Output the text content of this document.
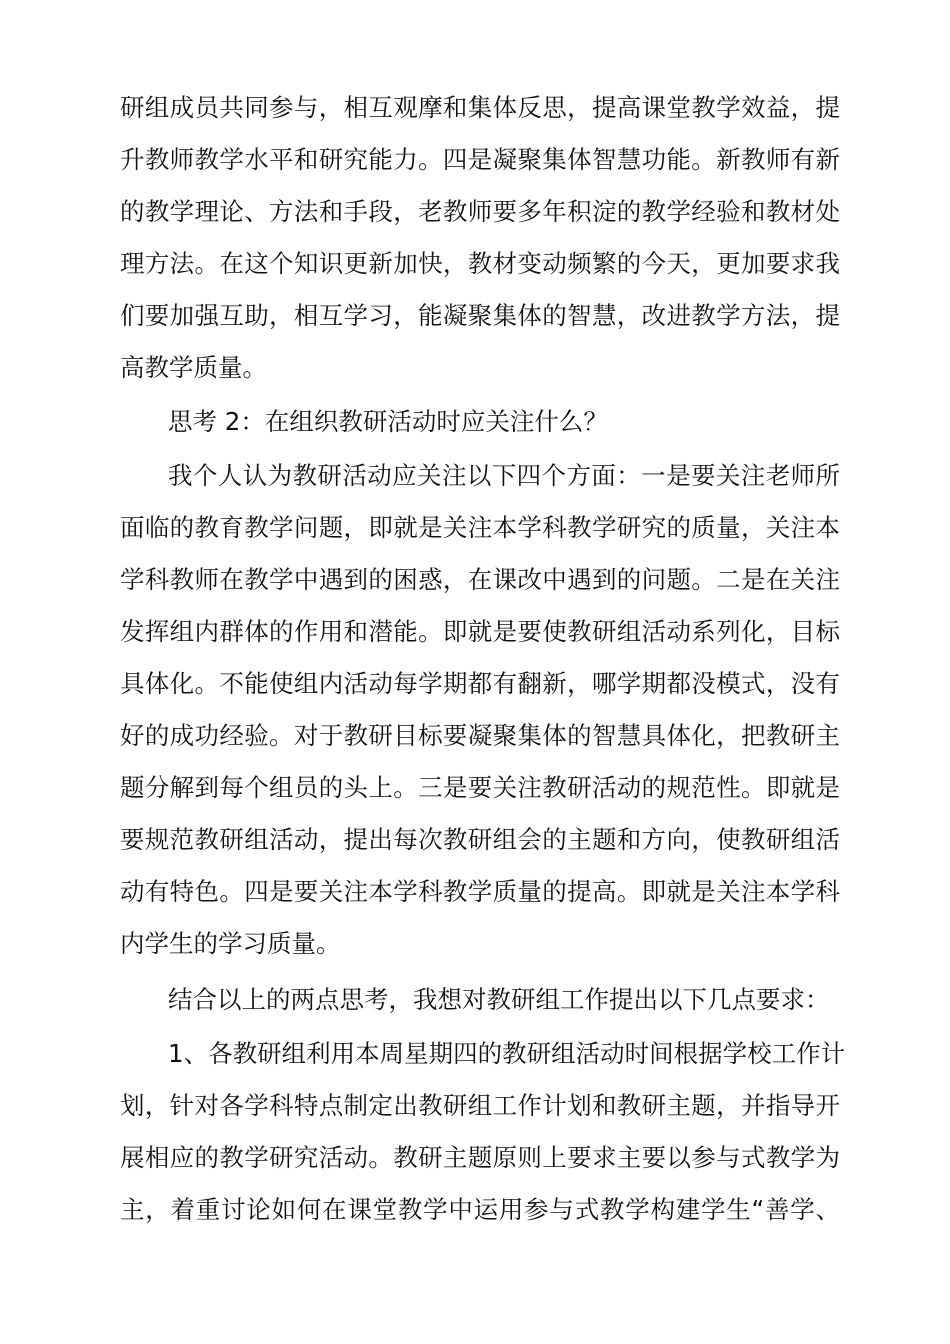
研组成员共同参与，相互观摩和集体反思，提高课堂教学效益，提
升教师教学水平和研究能力。四是凝聚集体智慧功能。新教师有新
的教学理论、方法和手段，老教师要多年积淀的教学经验和教材处
理方法。在这个知识更新加快，教材变动频繁的今天，更加要求我
们要加强互助，相互学习，能凝聚集体的智慧，改进教学方法，提
高教学质量。
思考 2：在组织教研活动时应关注什么？
我个人认为教研活动应关注以下四个方面：一是要关注老师所
面临的教育教学问题，即就是关注本学科教学研究的质量，关注本
学科教师在教学中遇到的困惑，在课改中遇到的问题。二是在关注
发挥组内群体的作用和潜能。即就是要使教研组活动系列化，目标
具体化。不能使组内活动每学期都有翻新，哪学期都没模式，没有
好的成功经验。对于教研目标要凝聚集体的智慧具体化，把教研主
题分解到每个组员的头上。三是要关注教研活动的规范性。即就是
要规范教研组活动，提出每次教研组会的主题和方向，使教研组活
动有特色。四是要关注本学科教学质量的提高。即就是关注本学科
内学生的学习质量。
结合以上的两点思考，我想对教研组工作提出以下几点要求：
1、各教研组利用本周星期四的教研组活动时间根据学校工作计
划，针对各学科特点制定出教研组工作计划和教研主题，并指导开
展相应的教学研究活动。教研主题原则上要求主要以参与式教学为
主，着重讨论如何在课堂教学中运用参与式教学构建学生“善学、
